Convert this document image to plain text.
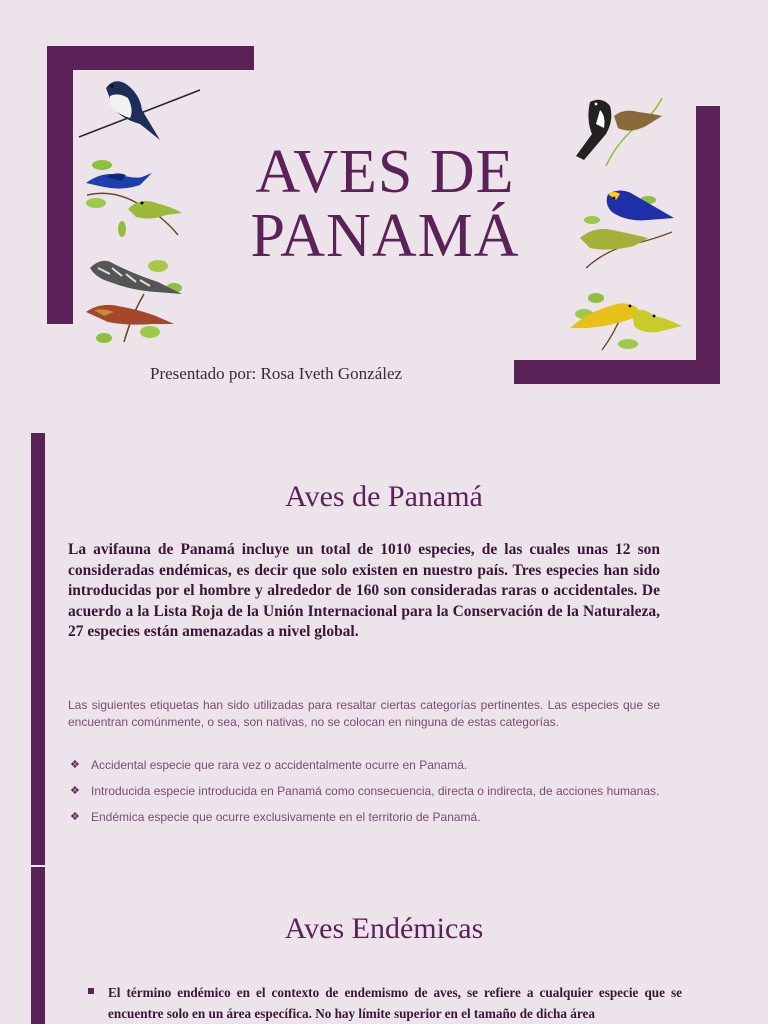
AVES DE
PANAMÁ
Presentado por: Rosa Iveth González
Aves de Panamá
La avifauna de Panamá incluye un total de 1010 especies, de las cuales unas 12 son consideradas endémicas, es decir que solo existen en nuestro país. Tres especies han sido introducidas por el hombre y alrededor de 160 son consideradas raras o accidentales. De acuerdo a la Lista Roja de la Unión Internacional para la Conservación de la Naturaleza, 27 especies están amenazadas a nivel global.
Las siguientes etiquetas han sido utilizadas para resaltar ciertas categorías pertinentes. Las especies que se encuentran comúnmente, o sea, son nativas, no se colocan en ninguna de estas categorías.
❖ Accidental especie que rara vez o accidentalmente ocurre en Panamá.
❖ Introducida especie introducida en Panamá como consecuencia, directa o indirecta, de acciones humanas.
❖ Endémica especie que ocurre exclusivamente en el territorio de Panamá.
Aves Endémicas
El término endémico en el contexto de endemismo de aves, se refiere a cualquier especie que se encuentre solo en un área específica. No hay límite superior en el tamaño de dicha área
